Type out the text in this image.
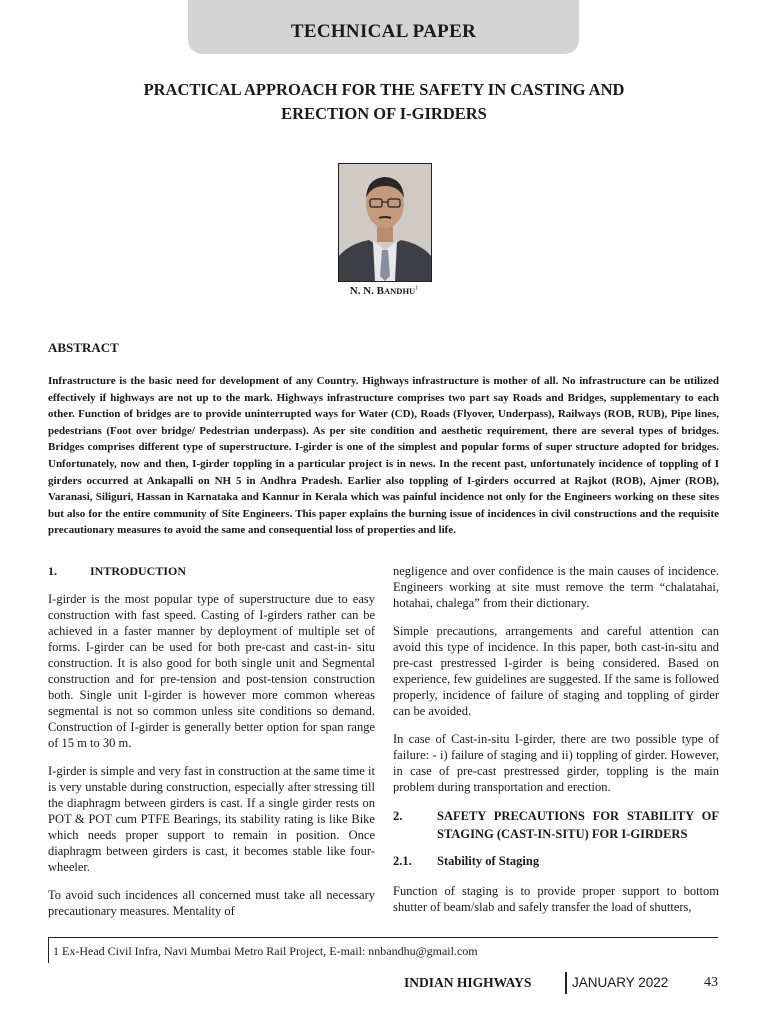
TECHNICAL PAPER
PRACTICAL APPROACH FOR THE SAFETY IN CASTING AND
ERECTION OF I-GIRDERS
N. N. BANDHU$^1$
ABSTRACT
Infrastructure is the basic need for development of any Country. Highways infrastructure is mother of all. No infrastructure can be utilized effectively if highways are not up to the mark. Highways infrastructure comprises two part say Roads and Bridges, supplementary to each other. Function of bridges are to provide uninterrupted ways for Water (CD), Roads (Flyover, Underpass), Railways (ROB, RUB), Pipe lines, pedestrians (Foot over bridge/ Pedestrian underpass). As per site condition and aesthetic requirement, there are several types of bridges. Bridges comprises different type of superstructure. I-girder is one of the simplest and popular forms of super structure adopted for bridges. Unfortunately, now and then, I-girder toppling in a particular project is in news. In the recent past, unfortunately incidence of toppling of I girders occurred at Ankapalli on NH 5 in Andhra Pradesh. Earlier also toppling of I-girders occurred at Rajkot (ROB), Ajmer (ROB), Varanasi, Siliguri, Hassan in Karnataka and Kannur in Kerala which was painful incidence not only for the Engineers working on these sites but also for the entire community of Site Engineers. This paper explains the burning issue of incidences in civil constructions and the requisite precautionary measures to avoid the same and consequential loss of properties and life.
1.	INTRODUCTION

I-girder is the most popular type of superstructure due to easy construction with fast speed. Casting of I-girders rather can be achieved in a faster manner by deployment of multiple set of forms. I-girder can be used for both pre-cast and cast-in- situ construction. It is also good for both single unit and Segmental construction and for pre-tension and post-tension construction both. Single unit I-girder is however more common whereas segmental is not so common unless site conditions so demand. Construction of I-girder is generally better option for span range of 15 m to 30 m.

I-girder is simple and very fast in construction at the same time it is very unstable during construction, especially after stressing till the diaphragm between girders is cast. If a single girder rests on POT & POT cum PTFE Bearings, its stability rating is like Bike which needs proper support to remain in position. Once diaphragm between girders is cast, it becomes stable like four-wheeler.

To avoid such incidences all concerned must take all necessary precautionary measures. Mentality of

negligence and over confidence is the main causes of incidence. Engineers working at site must remove the term “chalatahai, hotahai, chalega” from their dictionary.

Simple precautions, arrangements and careful attention can avoid this type of incidence. In this paper, both cast-in-situ and pre-cast prestressed I-girder is being considered. Based on experience, few guidelines are suggested. If the same is followed properly, incidence of failure of staging and toppling of girder can be avoided.

In case of Cast-in-situ I-girder, there are two possible type of failure: - i) failure of staging and ii) toppling of girder. However, in case of pre-cast prestressed girder, toppling is the main problem during transportation and erection.

2.	SAFETY PRECAUTIONS FOR STABILITY OF STAGING (CAST-IN-SITU) FOR I-GIRDERS
2.1.	Stability of Staging

Function of staging is to provide proper support to bottom shutter of beam/slab and safely transfer the load of shutters,

1 Ex-Head Civil Infra, Navi Mumbai Metro Rail Project, E-mail: nnbandhu@gmail.com
INDIAN HIGHWAYS	JANUARY 2022	43
